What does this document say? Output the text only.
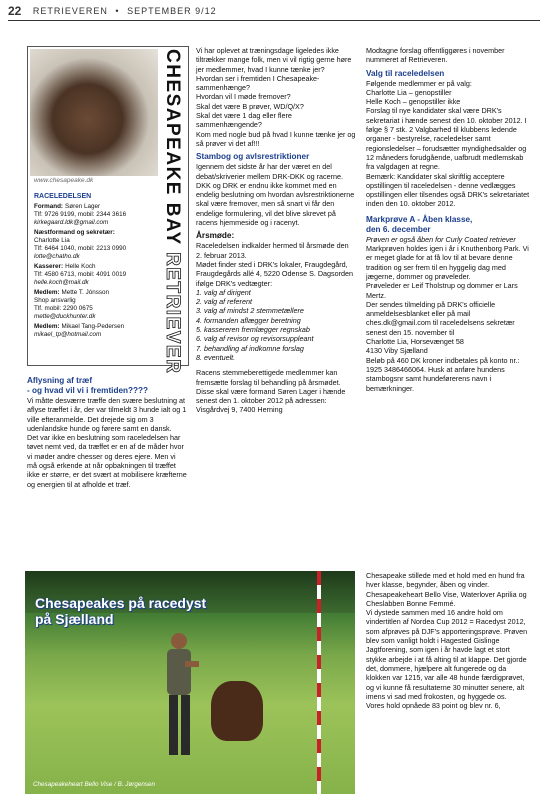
22 RETRIEVEREN • SEPTEMBER 9/12
CHESAPEAKE BAY RETRIEVER
www.chesapeake.dk
RACELEDELSEN
Formand: Søren Lager
Tlf: 9726 9199, mobil: 2344 3616
kirkegaard.ldk@gmail.com
Næstformand og sekretær:
Charlotte Lia
Tlf: 6464 1040, mobil: 2213 0990
lotte@chatho.dk
Kasserer: Helle Koch
Tlf: 4580 6713, mobil: 4091 0019
helle.koch@mail.dk
Medlem: Mette T. Jónsson
Shop ansvarlig
Tlf. mobil: 2290 0675
mette@duckhunter.dk
Medlem: Mikael Tang-Pedersen
mikael_tp@hotmail.com
Aflysning af træf
- og hvad vil vi i fremtiden????

Vi måtte desværre træffe den svære beslutning at aflyse træffet i år, der var tilmeldt 3 hunde ialt og 1 ville efteranmelde. Det drejede sig om 3 udenlandske hunde og førere samt en dansk.

Det var ikke en beslutning som raceledelsen har tøvet nemt ved, da træffet er en af de måder hvor vi møder andre chesser og deres ejere. Men vi må også erkende at når opbakningen til træffet ikke er større, er det svært at mobilisere kræfterne og energien til at afholde et træf.

Vi har oplevet at træningsdage ligeledes ikke tiltrækker mange folk, men vi vil rigtig gerne høre jer medlemmer, hvad I kunne tænke jer?

Hvordan ser i fremtiden I Chesapeake-sammenhænge?

Hvordan vil I møde fremover?

Skal det være B prøver, WD/Q/X?

Skal det være 1 dag eller flere sammenhængende?

Kom med nogle bud på hvad I kunne tænke jer og så prøver vi det af!!!

Stambog og avlsrestriktioner

Igennem det sidste år har der været en del debat/skriverier mellem DRK-DKK og racerne. DKK og DRK er endnu ikke kommet med en endelig beslutning om hvordan avlsrestriktionerne skal være fremover, men så snart vi får den endelige formulering, vil det blive skrevet på racens hjemmeside og i racenyt.

Årsmøde:

Raceledelsen indkalder hermed til årsmøde den 2. februar 2013.

Mødet finder sted i DRK's lokaler, Fraugdegård, Fraugdegårds allé 4, 5220 Odense S. Dagsorden ifølge DRK's vedtægter:

1. valg af dirigent

2. valg af referent

3. valg af mindst 2 stemmetællere

4. formanden aflægger beretning

5. kassereren fremlægger regnskab

6. valg af revisor og revisorsuppleant

7. behandling af indkomne forslag

8. eventuelt.

Racens stemmeberettigede medlemmer kan fremsætte forslag til behandling på årsmødet. Disse skal være formand Søren Lager i hænde senest den 1. oktober 2012 på adressen: Visgårdvej 9, 7400 Herning

Modtagne forslag offentliggøres i november nummeret af Retrieveren.

Valg til raceledelsen

Følgende medlemmer er på valg:

Charlotte Lia – genopstiller

Helle Koch – genopstiller ikke

Forslag til nye kandidater skal være DRK's sekretariat i hænde senest den 10. oktober 2012. I følge § 7 stk. 2 Valgbarhed til klubbens ledende organer - bestyrelse, raceledelser samt regionsledelser – forudsætter myndighedsalder og 12 måneders forudgående, uafbrudt medlemskab fra valgdagen at regne.

Bemærk: Kandidater skal skriftlig acceptere opstillingen til raceledelsen - denne vedlægges opstillingen eller tilsendes også DRK's sekretariatet inden den 10. oktober 2012.

Markprøve A - Åben klasse,
den 6. december

Prøven er også åben for Curly Coated retriever

Markprøven holdes igen i år i Knuthenborg Park. Vi er meget glade for at få lov til at bevare denne tradition og ser frem til en hyggelig dag med jægerne, dommer og prøveleder.

Prøveleder er Leif Tholstrup og dommer er Lars Mertz.

Der sendes tilmelding på DRK's officielle anmeldelsesblanket eller på mail ches.dk@gmail.com til raceledelsens sekretær senest den 15. november til

Charlotte Lia, Horsevænget 58

4130 Viby Sjælland

Beløb på 460 DK kroner indbetales på konto nr.: 1925 3486466064. Husk at anføre hundens stambogsnr samt hundeførerens navn i bemærkninger.

Chesapeakes på racedyst på Sjælland
Chesapeakeheart Bello Vise / B. Jørgensen

Chesapeake stillede med et hold med en hund fra hver klasse, begynder, åben og vinder.

Chesapeakeheart Bello Vise, Waterlover Aprilia og Cheslabben Bonne Femmé.

Vi dystede sammen med 16 andre hold om vindertitlen af Nordea Cup 2012 = Racedyst 2012, som afprøves på DJF's apporteringsprøve. Prøven blev som vanligt holdt i Hagested Gislinge Jagtforening, som igen i år havde lagt et stort stykke arbejde i at få alting til at klappe. Det gjorde det, dommere, hjælpere alt fungerede og da klokken var 1215, var alle 48 hunde færdigprøvet, og vi kunne få resultaterne 30 minutter senere, alt imens vi sad med frokosten, og hyggede os.

Vores hold opnåede 83 point og blev nr. 6,
